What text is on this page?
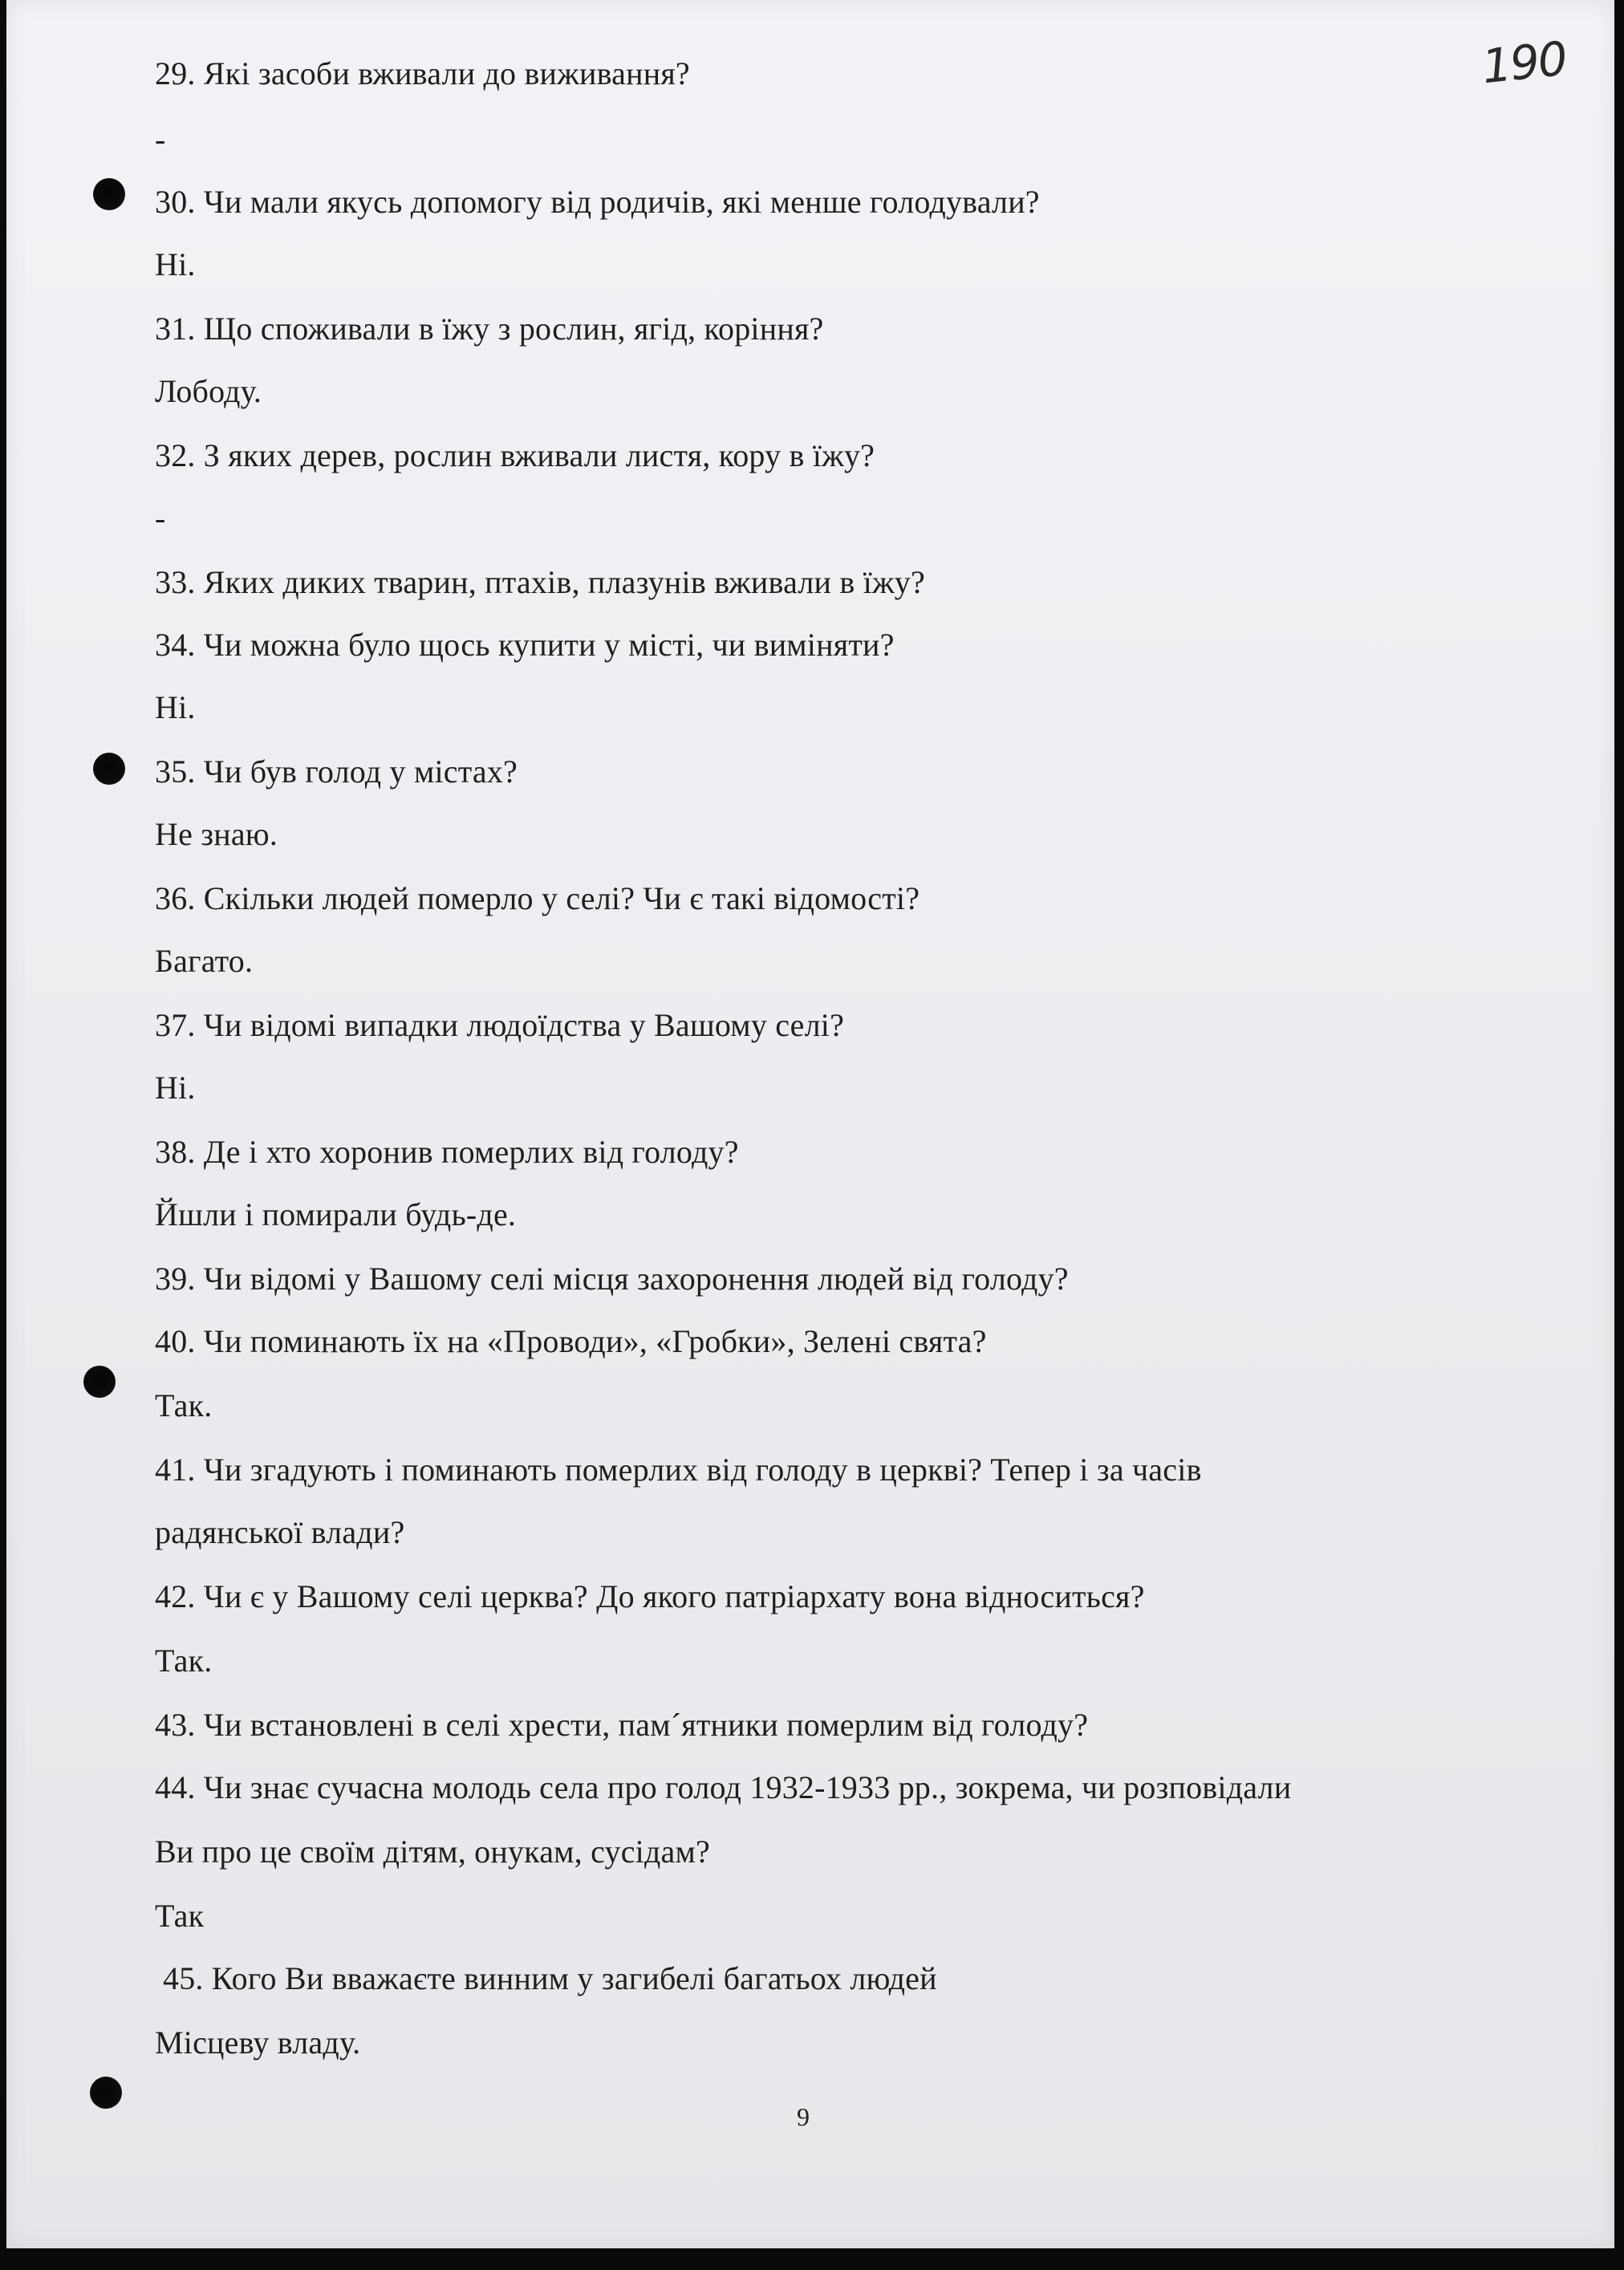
190
29. Які засоби вживали до виживання?
-
30. Чи мали якусь допомогу від родичів, які менше голодували?
Ні.
31. Що споживали в їжу з рослин, ягід, коріння?
Лободу.
32. З яких дерев, рослин вживали листя, кору в їжу?
-
33. Яких диких тварин, птахів, плазунів вживали в їжу?
34. Чи можна було щось купити у місті, чи виміняти?
Ні.
35. Чи був голод у містах?
Не знаю.
36. Скільки людей померло у селі? Чи є такі відомості?
Багато.
37. Чи відомі випадки людоїдства у Вашому селі?
Ні.
38. Де і хто хоронив померлих від голоду?
Йшли і помирали будь-де.
39. Чи відомі у Вашому селі місця захоронення людей від голоду?
40. Чи поминають їх на «Проводи», «Гробки», Зелені свята?
Так.
41. Чи згадують і поминають померлих від голоду в церкві? Тепер і за часів
радянської влади?
42. Чи є у Вашому селі церква? До якого патріархату вона відноситься?
Так.
43. Чи встановлені в селі хрести, пам´ятники померлим від голоду?
44. Чи знає сучасна молодь села про голод 1932-1933 рр., зокрема, чи розповідали
Ви про це своїм дітям, онукам, сусідам?
Так
45. Кого Ви вважаєте винним у загибелі багатьох людей
Місцеву владу.
9
